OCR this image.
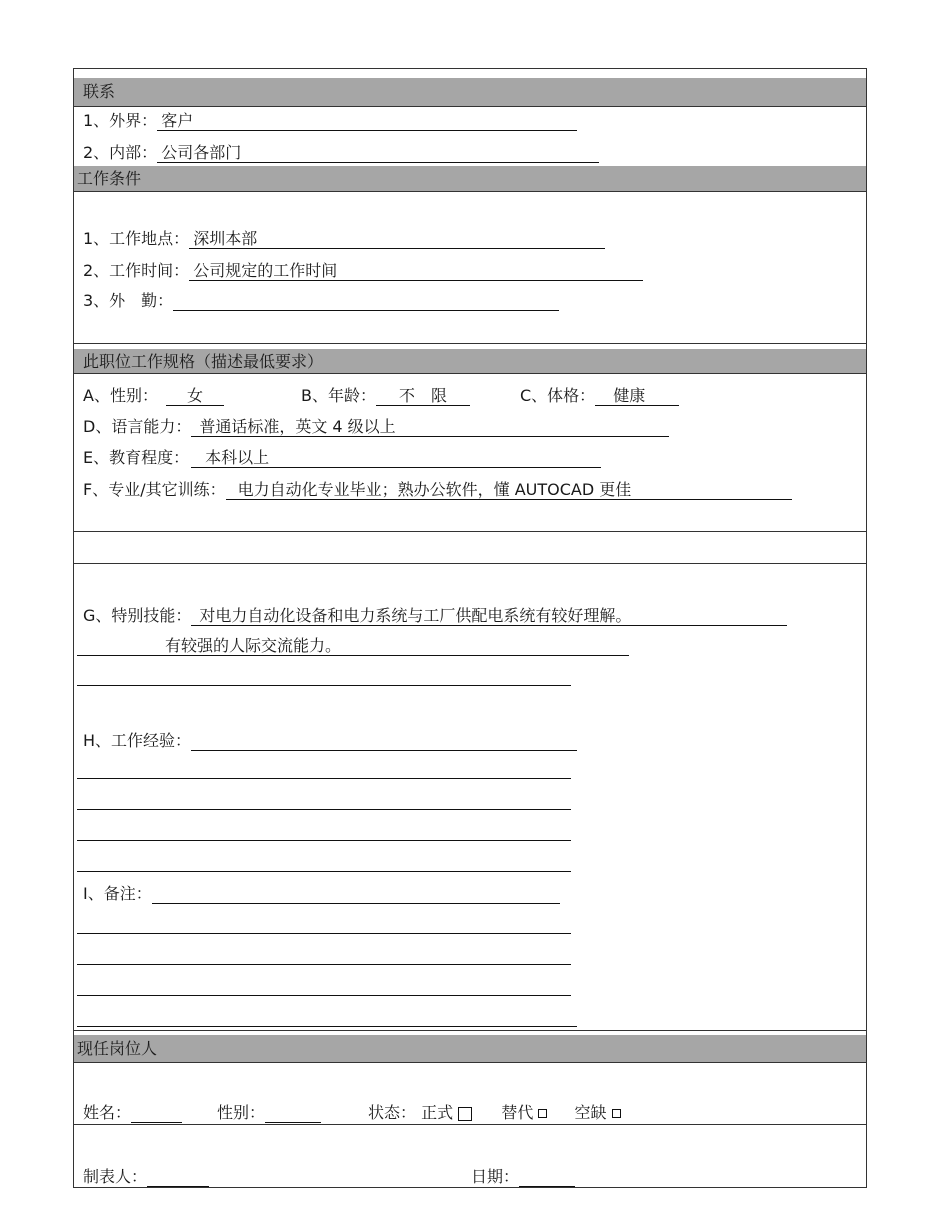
联系
1、外界： 客户
2、内部： 公司各部门
工作条件
1、工作地点： 深圳本部
2、工作时间： 公司规定的工作时间
3、外　勤：
此职位工作规格（描述最低要求）
A、性别： 女	B、年龄： 不　限	C、体格： 健康
D、语言能力： 普通话标准，英文 4 级以上
E、教育程度： 本科以上
F、专业/其它训练： 电力自动化专业毕业；熟办公软件，懂 AUTOCAD 更佳
G、特别技能： 对电力自动化设备和电力系统与工厂供配电系统有较好理解。
有较强的人际交流能力。
H、工作经验：
I、备注：
现任岗位人
姓名：	性别：	状态： 正式	替代	空缺
制表人：	日期：
